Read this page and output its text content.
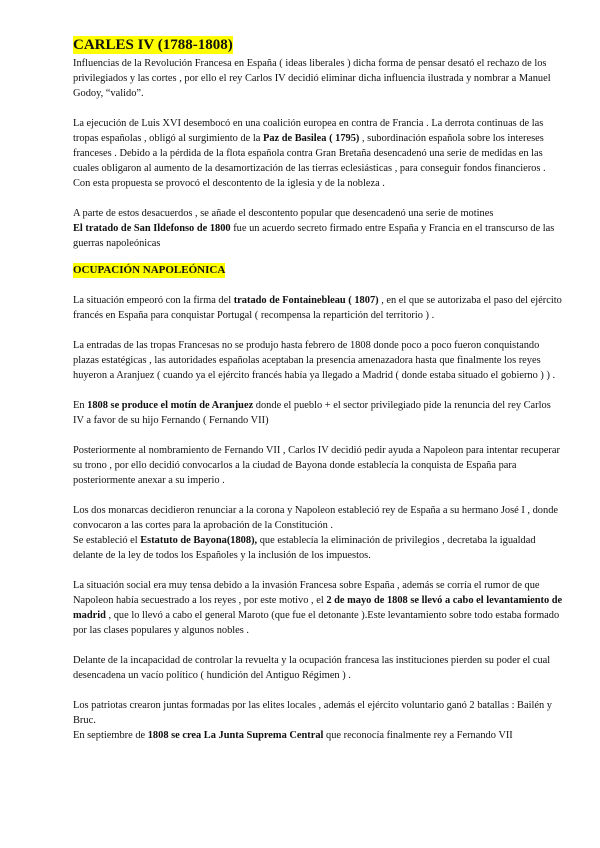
CARLES IV (1788-1808)

Influencias de la Revolución Francesa en España ( ideas liberales ) dicha forma de pensar desató el rechazo de los privilegiados y las cortes , por ello el rey Carlos IV decidió eliminar dicha influencia ilustrada y nombrar a Manuel Godoy, “valido”.

La ejecución de Luis XVI desembocó en una coalición europea en contra de Francia . La derrota continuas de las tropas españolas , obligó al surgimiento de la Paz de Basilea ( 1795) , subordinación española sobre los intereses franceses . Debido a la pérdida de la flota española contra Gran Bretaña desencadenó una serie de medidas en las cuales obligaron al aumento de la desamortización de las tierras eclesiásticas , para conseguir fondos financieros . Con esta propuesta se provocó el descontento de la iglesia y de la nobleza .

A parte de estos desacuerdos , se añade el descontento popular que desencadenó una serie de motines
El tratado de San Ildefonso de 1800 fue un acuerdo secreto firmado entre España y Francia en el transcurso de las guerras napoleónicas

OCUPACIÓN NAPOLEÓNICA

La situación empeoró con la firma del tratado de Fontainebleau ( 1807) , en el que se autorizaba el paso del ejército francés en España para conquistar Portugal ( recompensa la repartición del territorio ) .

La entradas de las tropas Francesas no se produjo hasta febrero de 1808 donde poco a poco fueron conquistando plazas estatégicas , las autoridades españolas aceptaban la presencia amenazadora hasta que finalmente los reyes huyeron a Aranjuez ( cuando ya el ejército francés había ya llegado a Madrid ( donde estaba situado el gobierno ) ) .

En 1808 se produce el motín de Aranjuez donde el pueblo + el sector privilegiado pide la renuncia del rey Carlos IV a favor de su hijo Fernando ( Fernando VII)

Posteriormente al nombramiento de Fernando VII , Carlos IV decidió pedir ayuda a Napoleon para intentar recuperar su trono , por ello decidió convocarlos a la ciudad de Bayona donde establecía la conquista de España para posteriormente anexar a su imperio .

Los dos monarcas decidieron renunciar a la corona y Napoleon estableció rey de España a su hermano José I , donde convocaron a las cortes para la aprobación de la Constitución .

Se estableció el Estatuto de Bayona(1808), que establecía la eliminación de privilegios , decretaba la igualdad delante de la ley de todos los Españoles y la inclusión de los impuestos.

La situación social era muy tensa debido a la invasión Francesa sobre España , además se corría el rumor de que Napoleon había secuestrado a los reyes , por este motivo , el 2 de mayo de 1808 se llevó a cabo el levantamiento de madrid , que lo llevó a cabo el general Maroto (que fue el detonante ).Este levantamiento sobre todo estaba formado por las clases populares y algunos nobles .

Delante de la incapacidad de controlar la revuelta y la ocupación francesa las instituciones pierden su poder el cual desencadena un vacío político ( hundición del Antiguo Régimen ) .

Los patriotas crearon juntas formadas por las elites locales , además el ejército voluntario ganó 2 batallas : Bailén y Bruc.

En septiembre de 1808 se crea La Junta Suprema Central que reconocía finalmente rey a Fernando VII
